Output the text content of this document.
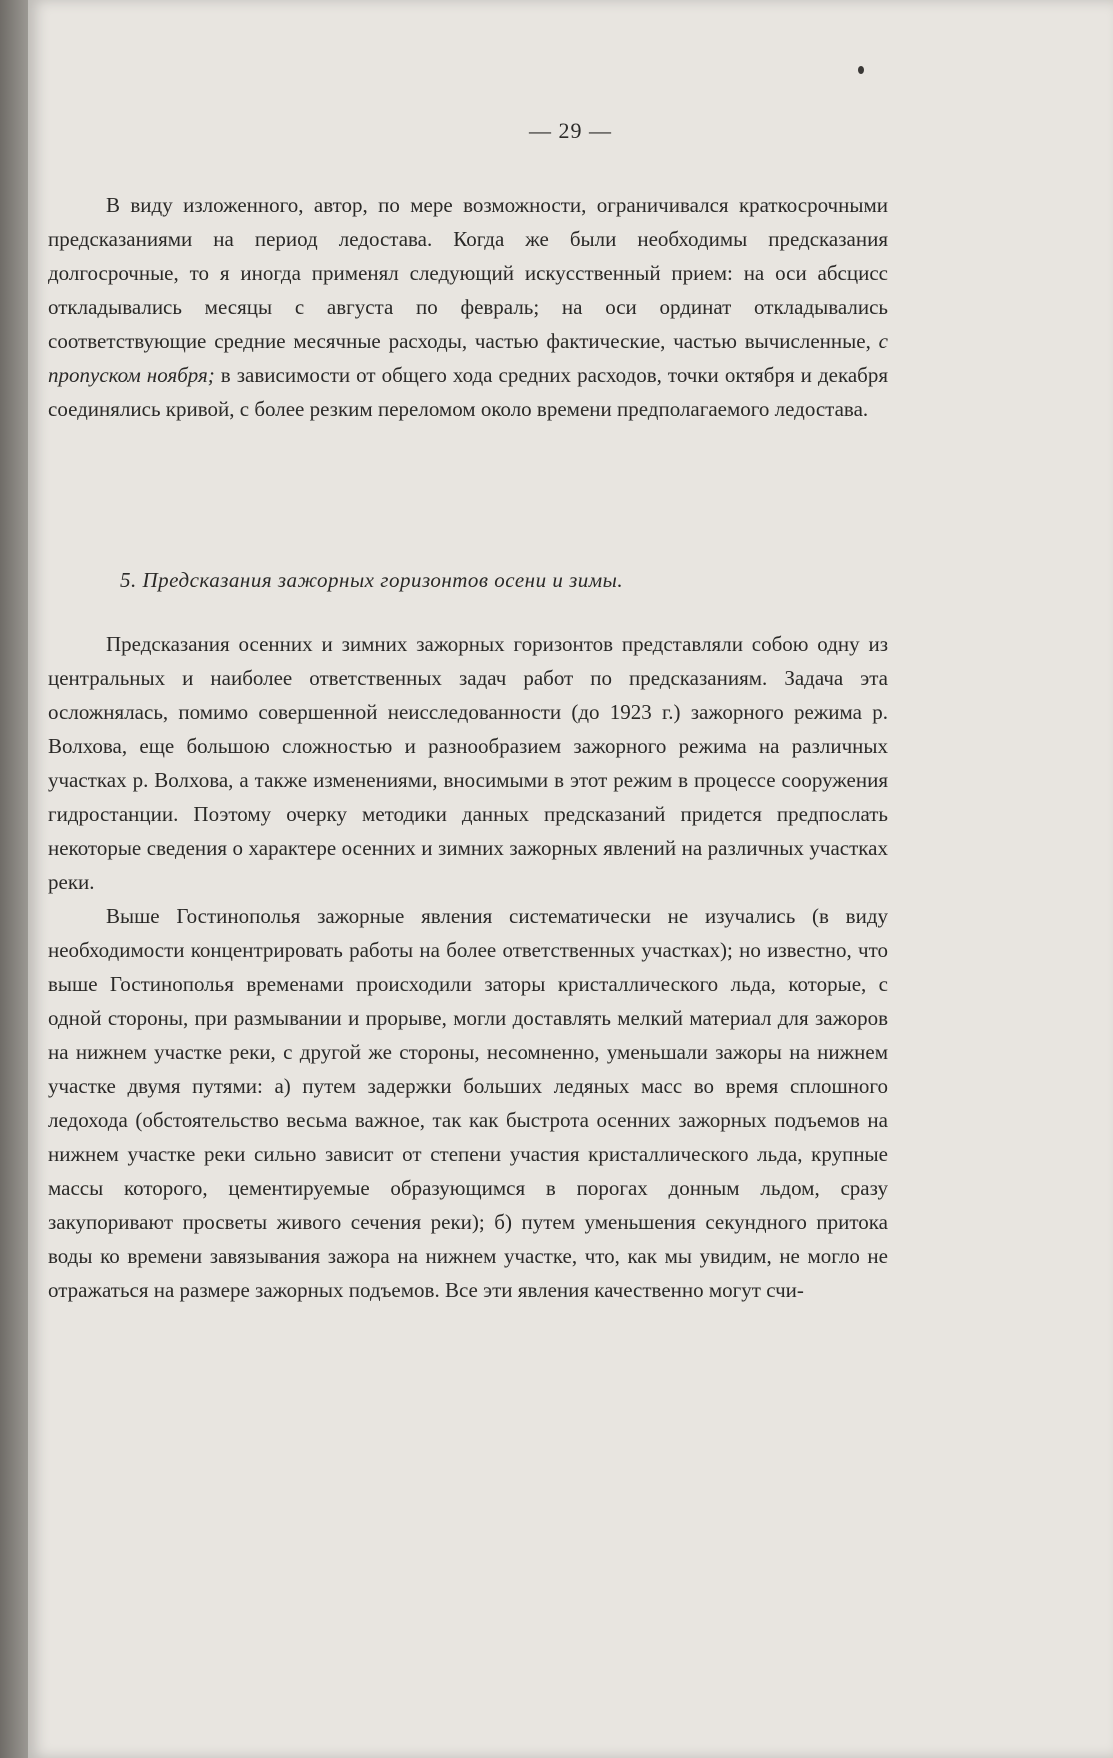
— 29 —

В виду изложенного, автор, по мере возможности, ограничивался краткосрочными предсказаниями на период ледостава. Когда же были необходимы предсказания долгосрочные, то я иногда применял следующий искусственный прием: на оси абсцисс откладывались месяцы с августа по февраль; на оси ординат откладывались соответствующие средние месячные расходы, частью фактические, частью вычисленные, с пропуском ноября; в зависимости от общего хода средних расходов, точки октября и декабря соединялись кривой, с более резким переломом около времени предполагаемого ледостава.

5. Предсказания зажорных горизонтов осени и зимы.

Предсказания осенних и зимних зажорных горизонтов представляли собою одну из центральных и наиболее ответственных задач работ по предсказаниям. Задача эта осложнялась, помимо совершенной неисследованности (до 1923 г.) зажорного режима р. Волхова, еще большою сложностью и разнообразием зажорного режима на различных участках р. Волхова, а также изменениями, вносимыми в этот режим в процессе сооружения гидростанции. Поэтому очерку методики данных предсказаний придется предпослать некоторые сведения о характере осенних и зимних зажорных явлений на различных участках реки.

Выше Гостинополья зажорные явления систематически не изучались (в виду необходимости концентрировать работы на более ответственных участках); но известно, что выше Гостинополья временами происходили заторы кристаллического льда, которые, с одной стороны, при размывании и прорыве, могли доставлять мелкий материал для зажоров на нижнем участке реки, с другой же стороны, несомненно, уменьшали зажоры на нижнем участке двумя путями: а) путем задержки больших ледяных масс во время сплошного ледохода (обстоятельство весьма важное, так как быстрота осенних зажорных подъемов на нижнем участке реки сильно зависит от степени участия кристаллического льда, крупные массы которого, цементируемые образующимся в порогах донным льдом, сразу закупоривают просветы живого сечения реки); б) путем уменьшения секундного притока воды ко времени завязывания зажора на нижнем участке, что, как мы увидим, не могло не отражаться на размере зажорных подъемов. Все эти явления качественно могут счи-
